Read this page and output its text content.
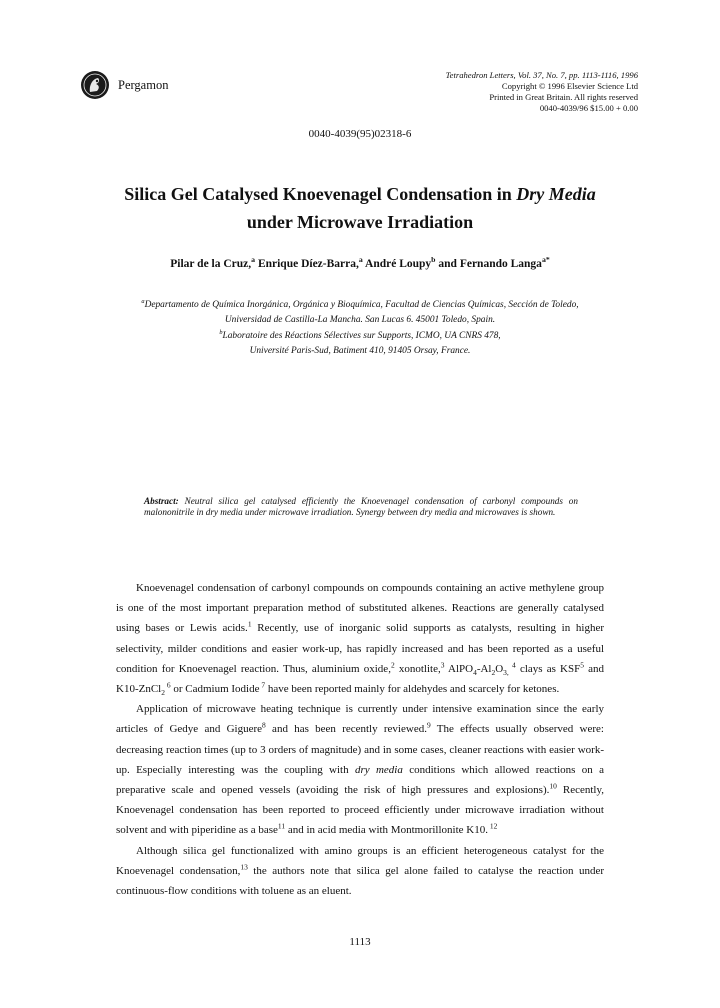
Pergamon
Tetrahedron Letters, Vol. 37, No. 7, pp. 1113-1116, 1996
Copyright © 1996 Elsevier Science Ltd
Printed in Great Britain. All rights reserved
0040-4039/96 $15.00 + 0.00
0040-4039(95)02318-6
Silica Gel Catalysed Knoevenagel Condensation in Dry Media
under Microwave Irradiation
Pilar de la Cruz,$^a$ Enrique Díez-Barra,$^a$ André Loupy$^b$ and Fernando Langa$^{a*}$
$^a$Departamento de Química Inorgánica, Orgánica y Bioquímica, Facultad de Ciencias Químicas, Sección de Toledo,
Universidad de Castilla-La Mancha. San Lucas 6. 45001 Toledo, Spain.
$^b$Laboratoire des Réactions Sélectives sur Supports, ICMO, UA CNRS 478,
Université Paris-Sud, Batiment 410, 91405 Orsay, France.
Abstract: Neutral silica gel catalysed efficiently the Knoevenagel condensation of carbonyl compounds on malononitrile in dry media under microwave irradiation. Synergy between dry media and microwaves is shown.

Knoevenagel condensation of carbonyl compounds on compounds containing an active methylene group is one of the most important preparation method of substituted alkenes. Reactions are generally catalysed using bases or Lewis acids.$^1$ Recently, use of inorganic solid supports as catalysts, resulting in higher selectivity, milder conditions and easier work-up, has rapidly increased and has been reported as a useful condition for Knoevenagel reaction. Thus, aluminium oxide,$^2$ xonotlite,$^3$ $AlPO_4-Al_2O_{3,}$ $^4$ clays as KSF$^5$ and K10-ZnCl$_2$ $^6$ or Cadmium Iodide $^7$ have been reported mainly for aldehydes and scarcely for ketones.

Application of microwave heating technique is currently under intensive examination since the early articles of Gedye and Giguere$^8$ and has been recently reviewed.$^9$ The effects usually observed were: decreasing reaction times (up to 3 orders of magnitude) and in some cases, cleaner reactions with easier work-up. Especially interesting was the coupling with dry media conditions which allowed reactions on a preparative scale and opened vessels (avoiding the risk of high pressures and explosions).$^{10}$ Recently, Knoevenagel condensation has been reported to proceed efficiently under microwave irradiation without solvent and with piperidine as a base$^{11}$ and in acid media with Montmorillonite K10. $^{12}$

Although silica gel functionalized with amino groups is an efficient heterogeneous catalyst for the Knoevenagel condensation,$^{13}$ the authors note that silica gel alone failed to catalyse the reaction under continuous-flow conditions with toluene as an eluent.

1113
